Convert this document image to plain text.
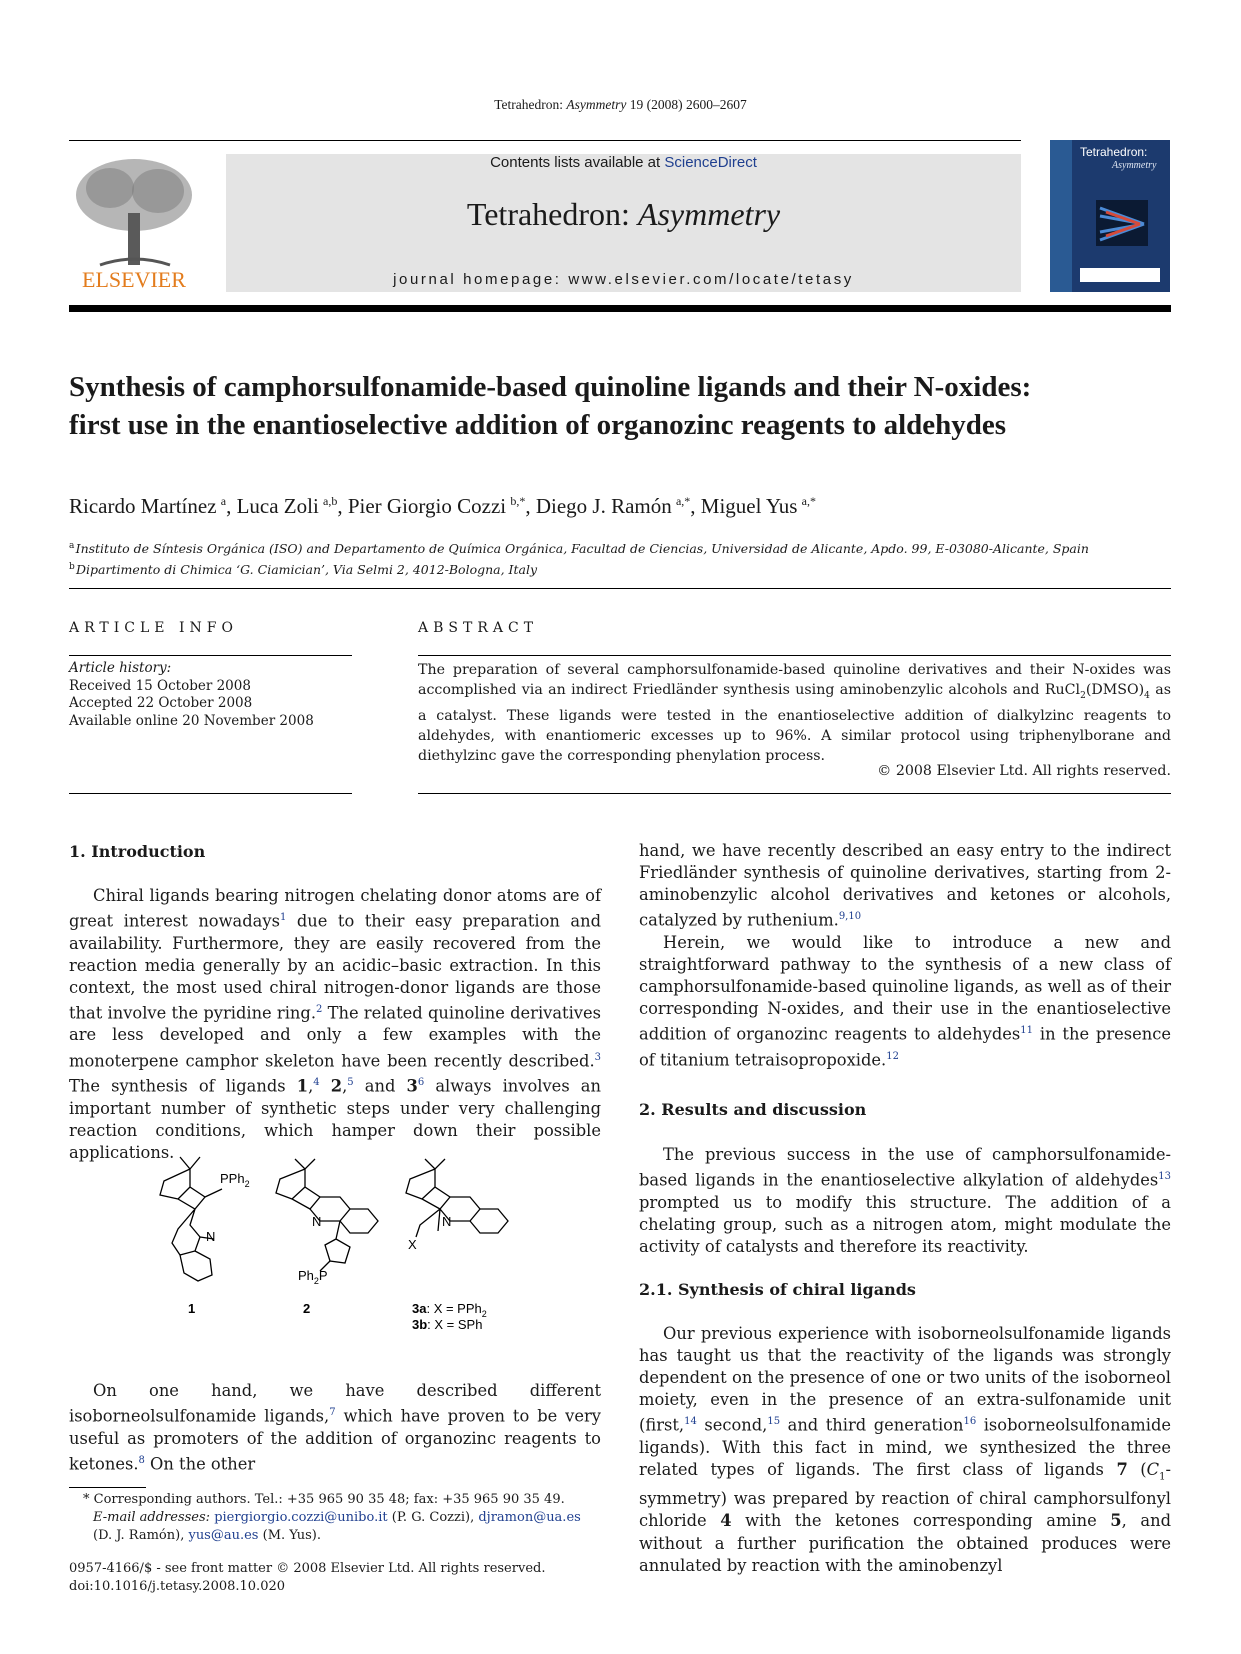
Tetrahedron: Asymmetry 19 (2008) 2600–2607
ELSEVIER
Contents lists available at ScienceDirect
Tetrahedron: Asymmetry
journal homepage: www.elsevier.com/locate/tetasy
Tetrahedron:
Asymmetry
Synthesis of camphorsulfonamide-based quinoline ligands and their N-oxides: first use in the enantioselective addition of organozinc reagents to aldehydes
Ricardo Martínez  $^a$, Luca Zoli  $^{a,b}$, Pier Giorgio Cozzi  $^{b,*}$, Diego J. Ramón  $^{a,*}$, Miguel Yus  $^{a,*}$
$^a$ Instituto de Síntesis Orgánica (ISO) and Departamento de Química Orgánica, Facultad de Ciencias, Universidad de Alicante, Apdo. 99, E-03080-Alicante, Spain
$^b$ Dipartimento di Chimica ‘G. Ciamician’, Via Selmi 2, 4012-Bologna, Italy
ARTICLE INFO	ABSTRACT
Article history:
Received 15 October 2008
Accepted 22 October 2008
Available online 20 November 2008
The preparation of several camphorsulfonamide-based quinoline derivatives and their N-oxides was accomplished via an indirect Friedländer synthesis using aminobenzylic alcohols and $RuCl_2(DMSO)_4$ as a catalyst. These ligands were tested in the enantioselective addition of dialkylzinc reagents to aldehydes, with enantiomeric excesses up to 96%. A similar protocol using triphenylborane and diethylzinc gave the corresponding phenylation process.
© 2008 Elsevier Ltd. All rights reserved.
1. Introduction

Chiral ligands bearing nitrogen chelating donor atoms are of great interest nowadays$^1$ due to their easy preparation and availability. Furthermore, they are easily recovered from the reaction media generally by an acidic–basic extraction. In this context, the most used chiral nitrogen-donor ligands are those that involve the pyridine ring.$^2$ The related quinoline derivatives are less developed and only a few examples with the monoterpene camphor skeleton have been recently described.$^3$ The synthesis of ligands 1,$^4$ 2,$^5$ and 3$^6$ always involves an important number of synthetic steps under very challenging reaction conditions, which hamper down their possible applications.

PPh$_2$
N
N
$Ph_2P$
N
X
1	2	3a: X = PPh$_2$
3b: X = SPh

On one hand, we have described different isoborneolsulfonamide ligands,$^7$ which have proven to be very useful as promoters of the addition of organozinc reagents to ketones.$^8$ On the other

* Corresponding authors. Tel.: +35 965 90 35 48; fax: +35 965 90 35 49.
E-mail addresses: piergiorgio.cozzi@unibo.it (P. G. Cozzi), djramon@ua.es (D. J. Ramón), yus@au.es (M. Yus).
0957-4166/$ - see front matter © 2008 Elsevier Ltd. All rights reserved.
doi:10.1016/j.tetasy.2008.10.020

hand, we have recently described an easy entry to the indirect Friedländer synthesis of quinoline derivatives, starting from 2-aminobenzylic alcohol derivatives and ketones or alcohols, catalyzed by ruthenium.$^{9,10}$

Herein, we would like to introduce a new and straightforward pathway to the synthesis of a new class of camphorsulfonamide-based quinoline ligands, as well as of their corresponding N-oxides, and their use in the enantioselective addition of organozinc reagents to aldehydes$^{11}$ in the presence of titanium tetraisopropoxide.$^{12}$

2. Results and discussion

The previous success in the use of camphorsulfonamide-based ligands in the enantioselective alkylation of aldehydes$^{13}$ prompted us to modify this structure. The addition of a chelating group, such as a nitrogen atom, might modulate the activity of catalysts and therefore its reactivity.

2.1. Synthesis of chiral ligands

Our previous experience with isoborneolsulfonamide ligands has taught us that the reactivity of the ligands was strongly dependent on the presence of one or two units of the isoborneol moiety, even in the presence of an extra-sulfonamide unit (first,$^{14}$ second,$^{15}$ and third generation$^{16}$ isoborneolsulfonamide ligands). With this fact in mind, we synthesized the three related types of ligands. The first class of ligands 7 $(C_1-symmetry)$ was prepared by reaction of chiral camphorsulfonyl chloride 4 with the ketones corresponding amine 5, and without a further purification the obtained produces were annulated by reaction with the aminobenzyl
